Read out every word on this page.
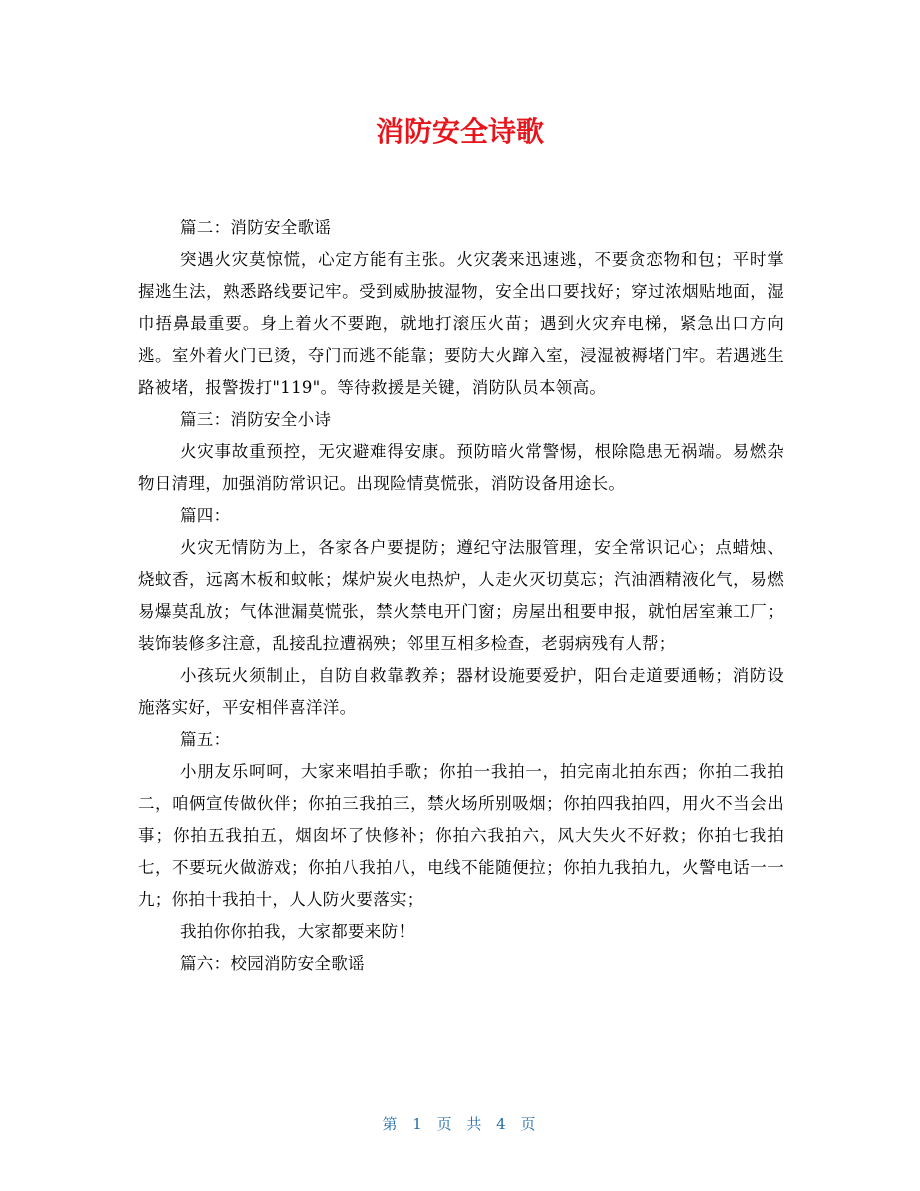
消防安全诗歌

篇二：消防安全歌谣

突遇火灾莫惊慌，心定方能有主张。火灾袭来迅速逃，不要贪恋物和包；平时掌握逃生法，熟悉路线要记牢。受到威胁披湿物，安全出口要找好；穿过浓烟贴地面，湿巾捂鼻最重要。身上着火不要跑，就地打滚压火苗；遇到火灾弃电梯，紧急出口方向逃。室外着火门已烫，夺门而逃不能靠；要防大火蹿入室，浸湿被褥堵门牢。若遇逃生路被堵，报警拨打"119"。等待救援是关键，消防队员本领高。

篇三：消防安全小诗

火灾事故重预控，无灾避难得安康。预防暗火常警惕，根除隐患无祸端。易燃杂物日清理，加强消防常识记。出现险情莫慌张，消防设备用途长。

篇四：

火灾无情防为上，各家各户要提防；遵纪守法服管理，安全常识记心；点蜡烛、烧蚊香，远离木板和蚊帐；煤炉炭火电热炉，人走火灭切莫忘；汽油酒精液化气，易燃易爆莫乱放；气体泄漏莫慌张，禁火禁电开门窗；房屋出租要申报，就怕居室兼工厂；装饰装修多注意，乱接乱拉遭祸殃；邻里互相多检查，老弱病残有人帮；

小孩玩火须制止，自防自救靠教养；器材设施要爱护，阳台走道要通畅；消防设施落实好，平安相伴喜洋洋。

篇五：

小朋友乐呵呵，大家来唱拍手歌；你拍一我拍一，拍完南北拍东西；你拍二我拍二，咱俩宣传做伙伴；你拍三我拍三，禁火场所别吸烟；你拍四我拍四，用火不当会出事；你拍五我拍五，烟囱坏了快修补；你拍六我拍六，风大失火不好救；你拍七我拍七，不要玩火做游戏；你拍八我拍八，电线不能随便拉；你拍九我拍九，火警电话一一九；你拍十我拍十，人人防火要落实；

我拍你你拍我，大家都要来防！

篇六：校园消防安全歌谣

第 1 页 共 4 页
